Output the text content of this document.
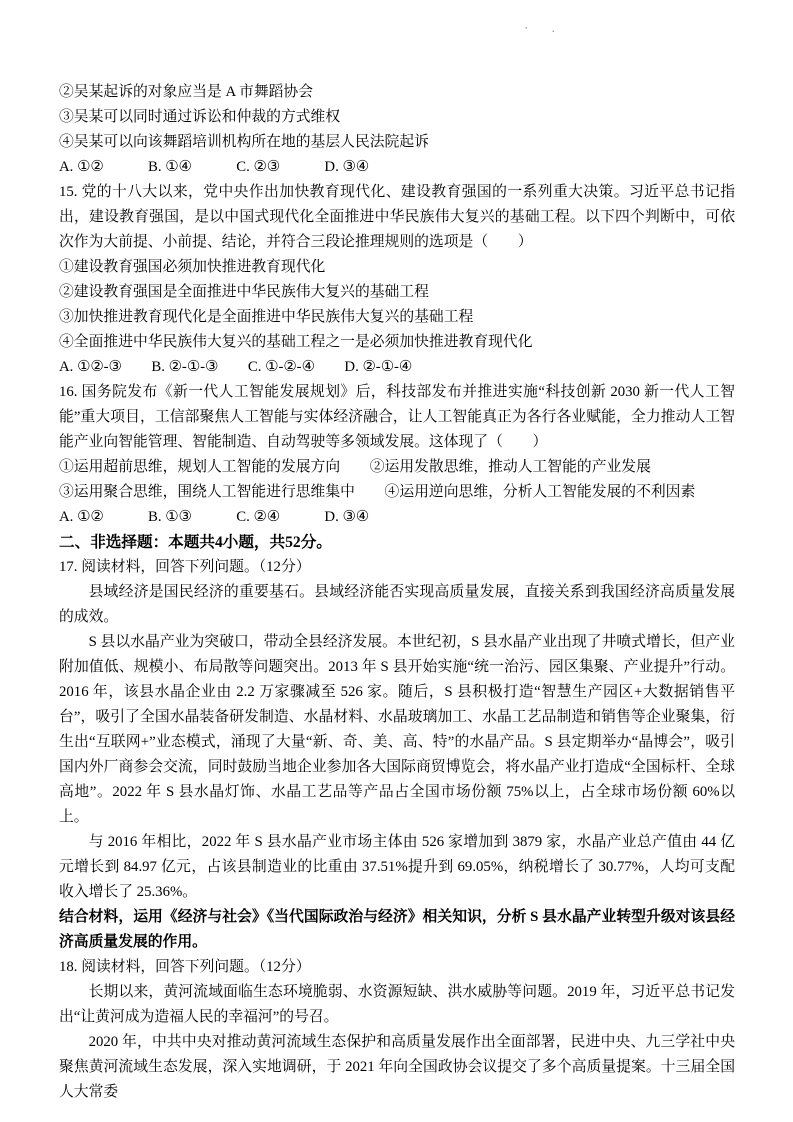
· .
②吴某起诉的对象应当是 A 市舞蹈协会
③吴某可以同时通过诉讼和仲裁的方式维权
④吴某可以向该舞蹈培训机构所在地的基层人民法院起诉
A. ①②　　　B. ①④　　　C. ②③　　　D. ③④
15. 党的十八大以来，党中央作出加快教育现代化、建设教育强国的一系列重大决策。习近平总书记指出，建设教育强国，是以中国式现代化全面推进中华民族伟大复兴的基础工程。以下四个判断中，可依次作为大前提、小前提、结论，并符合三段论推理规则的选项是（　　）
①建设教育强国必须加快推进教育现代化
②建设教育强国是全面推进中华民族伟大复兴的基础工程
③加快推进教育现代化是全面推进中华民族伟大复兴的基础工程
④全面推进中华民族伟大复兴的基础工程之一是必须加快推进教育现代化
A. ①②-③　　B. ②-①-③　　C. ①-②-④　　D. ②-①-④
16. 国务院发布《新一代人工智能发展规划》后，科技部发布并推进实施“科技创新 2030 新一代人工智能”重大项目，工信部聚焦人工智能与实体经济融合，让人工智能真正为各行各业赋能，全力推动人工智能产业向智能管理、智能制造、自动驾驶等多领域发展。这体现了（　　）
①运用超前思维，规划人工智能的发展方向　　②运用发散思维，推动人工智能的产业发展
③运用聚合思维，围绕人工智能进行思维集中　　④运用逆向思维，分析人工智能发展的不利因素
A. ①②　　　B. ①③　　　C. ②④　　　D. ③④
二、非选择题：本题共4小题，共52分。
17. 阅读材料，回答下列问题。（12分）
县域经济是国民经济的重要基石。县域经济能否实现高质量发展，直接关系到我国经济高质量发展的成效。
S 县以水晶产业为突破口，带动全县经济发展。本世纪初，S 县水晶产业出现了井喷式增长，但产业附加值低、规模小、布局散等问题突出。2013 年 S 县开始实施“统一治污、园区集聚、产业提升”行动。2016 年，该县水晶企业由 2.2 万家骤减至 526 家。随后，S 县积极打造“智慧生产园区+大数据销售平台”，吸引了全国水晶装备研发制造、水晶材料、水晶玻璃加工、水晶工艺品制造和销售等企业聚集，衍生出“互联网+”业态模式，涌现了大量“新、奇、美、高、特”的水晶产品。S 县定期举办“晶博会”，吸引国内外厂商参会交流，同时鼓励当地企业参加各大国际商贸博览会，将水晶产业打造成“全国标杆、全球高地”。2022 年 S 县水晶灯饰、水晶工艺品等产品占全国市场份额 75%以上，占全球市场份额 60%以上。
与 2016 年相比，2022 年 S 县水晶产业市场主体由 526 家增加到 3879 家，水晶产业总产值由 44 亿元增长到 84.97 亿元，占该县制造业的比重由 37.51%提升到 69.05%，纳税增长了 30.77%，人均可支配收入增长了 25.36%。
结合材料，运用《经济与社会》《当代国际政治与经济》相关知识，分析 S 县水晶产业转型升级对该县经济高质量发展的作用。
18. 阅读材料，回答下列问题。（12分）
长期以来，黄河流域面临生态环境脆弱、水资源短缺、洪水威胁等问题。2019 年，习近平总书记发出“让黄河成为造福人民的幸福河”的号召。
2020 年，中共中央对推动黄河流域生态保护和高质量发展作出全面部署，民进中央、九三学社中央聚焦黄河流域生态发展，深入实地调研，于 2021 年向全国政协会议提交了多个高质量提案。十三届全国人大常委
